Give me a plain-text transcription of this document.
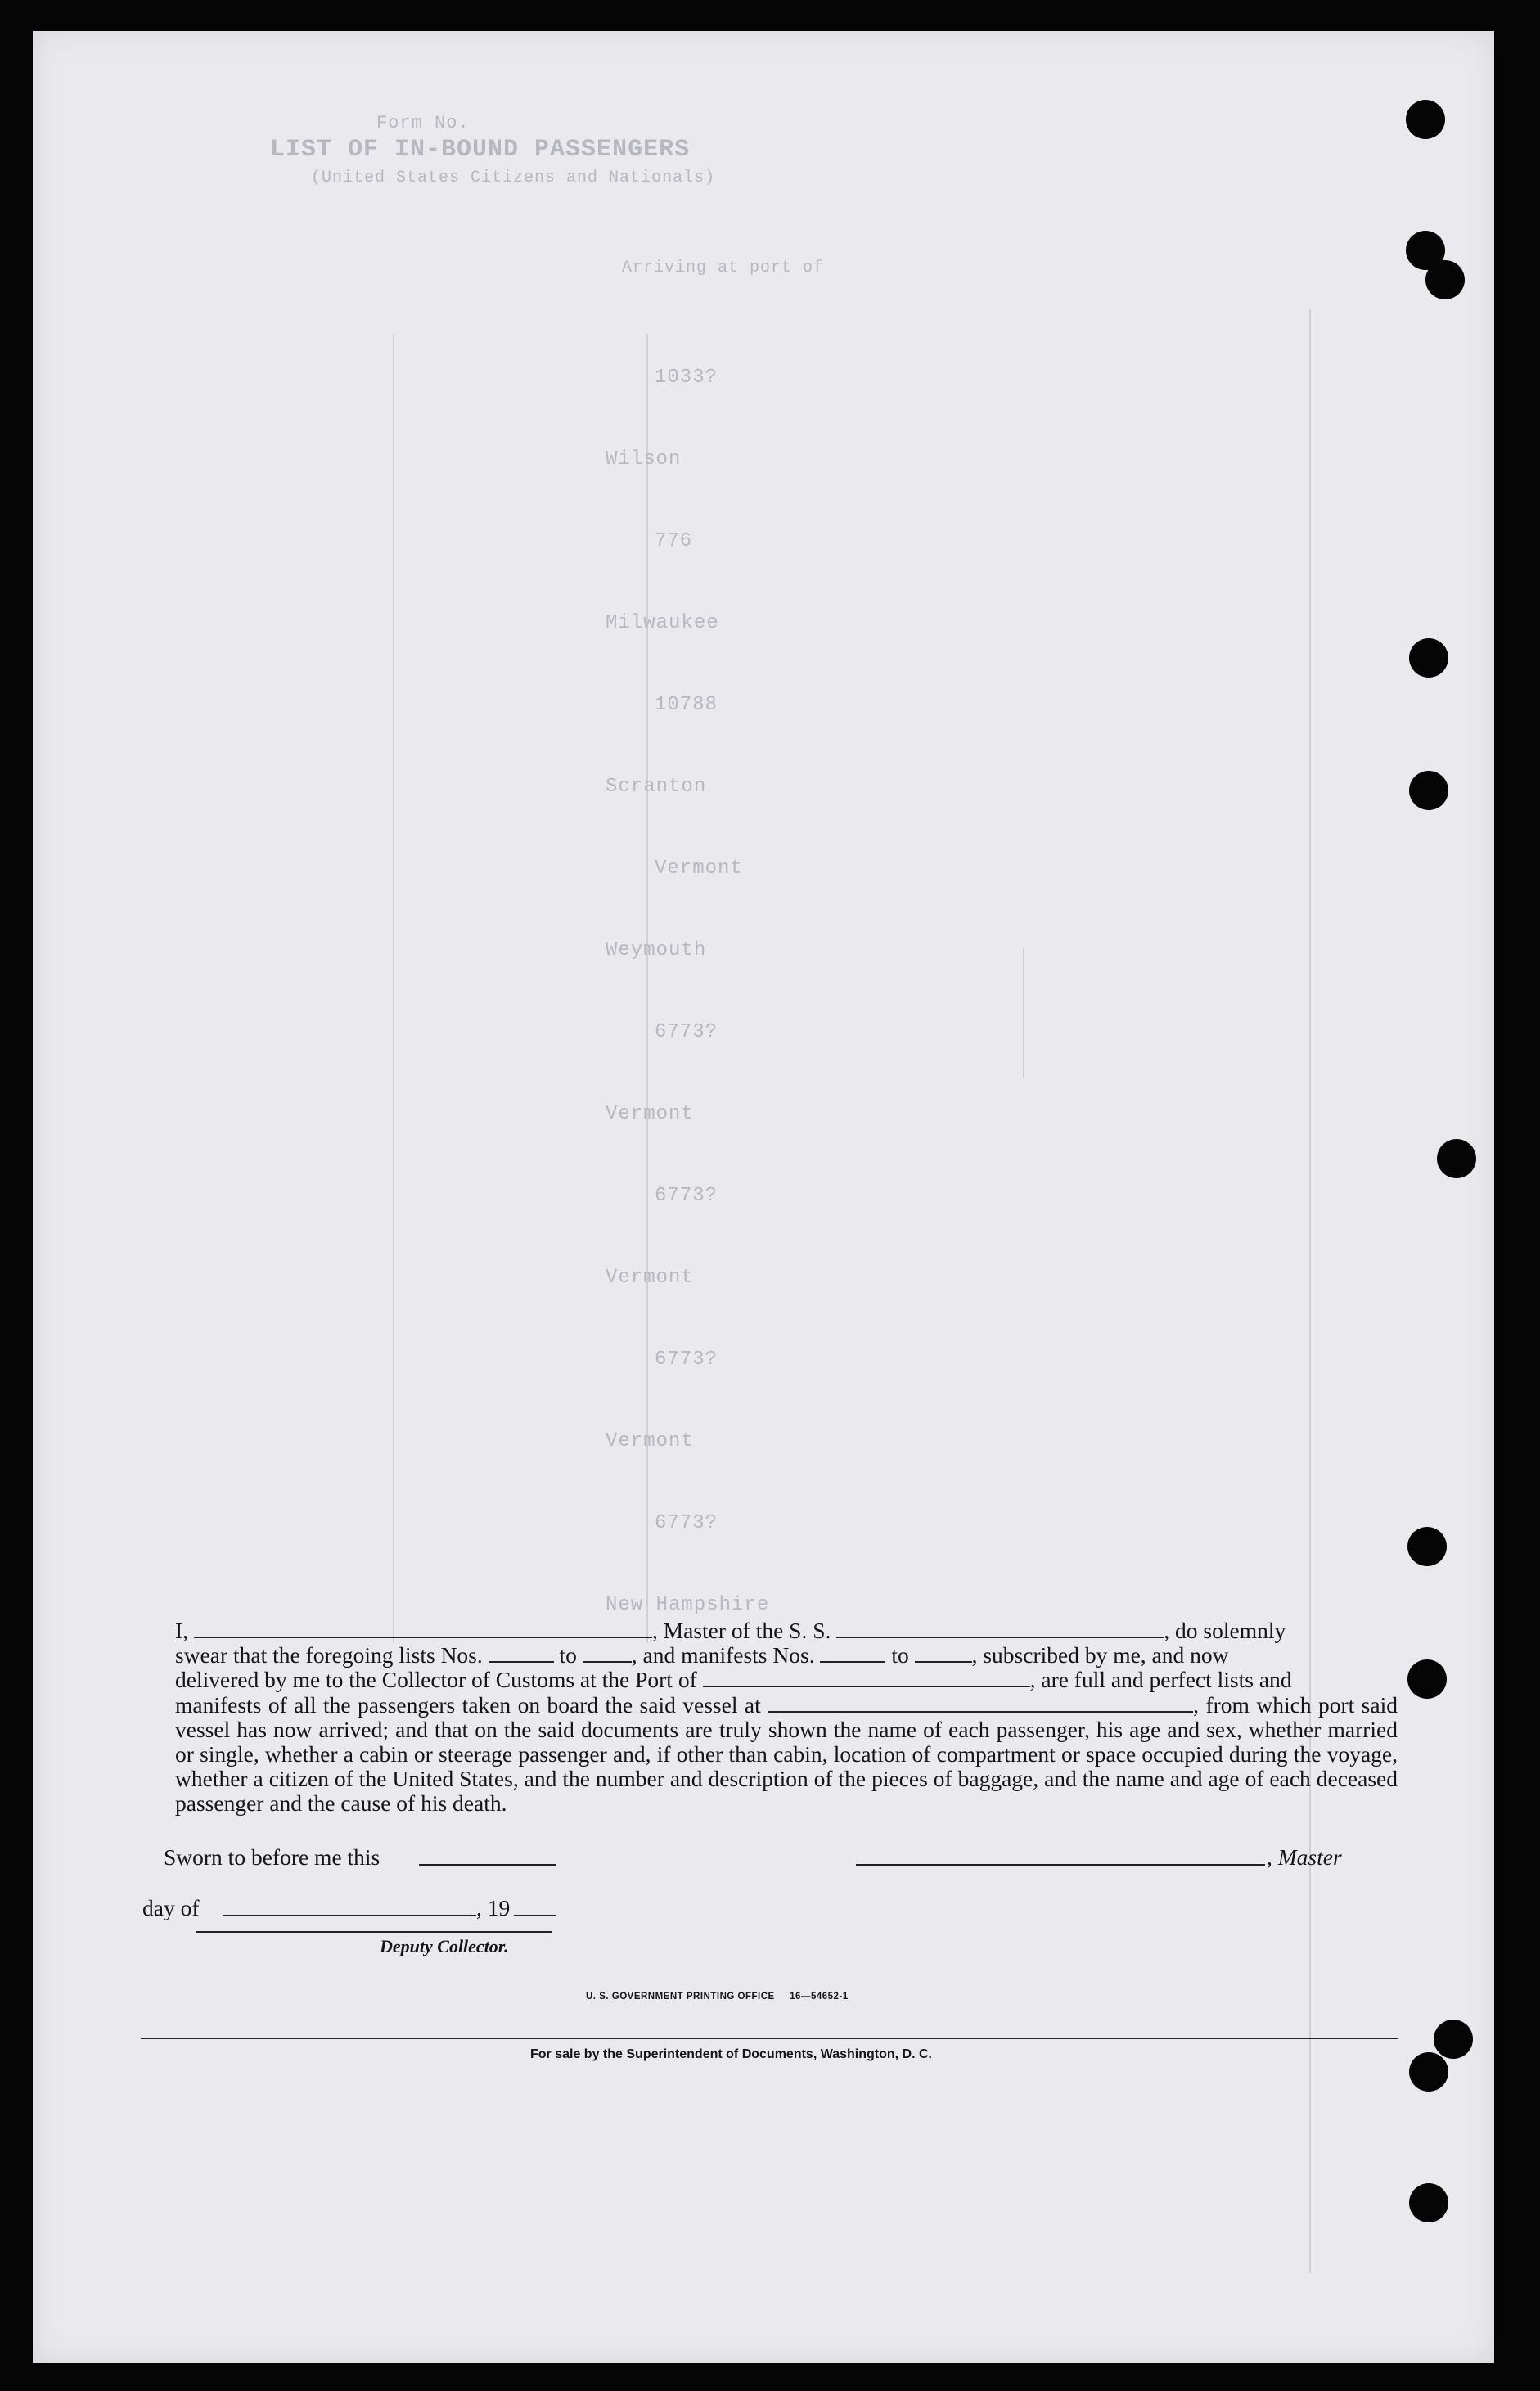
Form No.
LIST OF IN-BOUND PASSENGERS
(United States Citizens and Nationals)
Arriving at port of
1033?
Wilson
776
Milwaukee
10788
Scranton
Vermont
Weymouth
6773?
Vermont
6773?
Vermont
6773?
Vermont
6773?
New Hampshire
I,	, Master of the S. S.	, do solemnly
swear that the foregoing lists Nos.	to , and manifests Nos.	to	, subscribed by me, and now
delivered by me to the Collector of Customs at the Port of	, are full and perfect lists and
manifests of all the passengers taken on board the said vessel at	, from which port said vessel has now arrived; and that on the said documents are truly shown the name of each passenger, his age and sex, whether married or single, whether a cabin or steerage passenger and, if other than cabin, location of compartment or space occupied during the voyage, whether a citizen of the United States, and the number and description of the pieces of baggage, and the name and age of each deceased passenger and the cause of his death.
Sworn to before me this	, Master
day of	, 19
Deputy Collector.
U. S. GOVERNMENT PRINTING OFFICE     16—54652-1
For sale by the Superintendent of Documents, Washington, D. C.
